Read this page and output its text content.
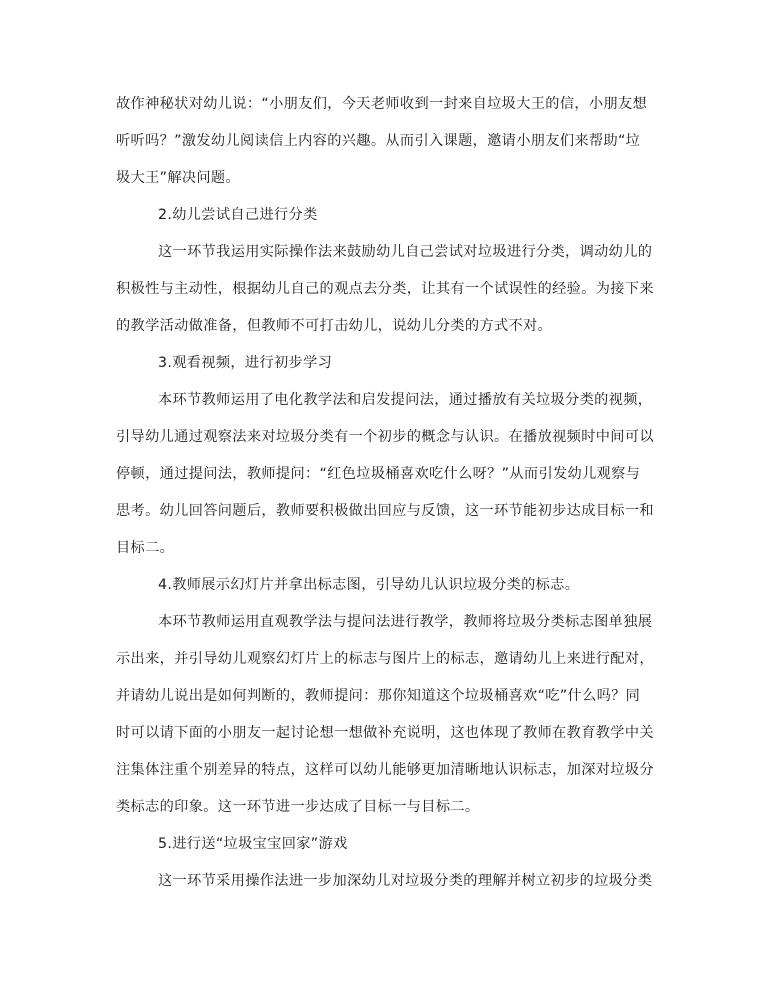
故作神秘状对幼儿说：“小朋友们，今天老师收到一封来自垃圾大王的信，小朋友想
听听吗？”激发幼儿阅读信上内容的兴趣。从而引入课题，邀请小朋友们来帮助“垃
圾大王”解决问题。
2.幼儿尝试自己进行分类
这一环节我运用实际操作法来鼓励幼儿自己尝试对垃圾进行分类，调动幼儿的
积极性与主动性，根据幼儿自己的观点去分类，让其有一个试误性的经验。为接下来
的教学活动做准备，但教师不可打击幼儿，说幼儿分类的方式不对。
3.观看视频，进行初步学习
本环节教师运用了电化教学法和启发提问法，通过播放有关垃圾分类的视频，
引导幼儿通过观察法来对垃圾分类有一个初步的概念与认识。在播放视频时中间可以
停顿，通过提问法，教师提问：“红色垃圾桶喜欢吃什么呀？”从而引发幼儿观察与
思考。幼儿回答问题后，教师要积极做出回应与反馈，这一环节能初步达成目标一和
目标二。
4.教师展示幻灯片并拿出标志图，引导幼儿认识垃圾分类的标志。
本环节教师运用直观教学法与提问法进行教学，教师将垃圾分类标志图单独展
示出来，并引导幼儿观察幻灯片上的标志与图片上的标志，邀请幼儿上来进行配对，
并请幼儿说出是如何判断的，教师提问：那你知道这个垃圾桶喜欢“吃”什么吗？同
时可以请下面的小朋友一起讨论想一想做补充说明，这也体现了教师在教育教学中关
注集体注重个别差异的特点，这样可以幼儿能够更加清晰地认识标志，加深对垃圾分
类标志的印象。这一环节进一步达成了目标一与目标二。
5.进行送“垃圾宝宝回家”游戏
这一环节采用操作法进一步加深幼儿对垃圾分类的理解并树立初步的垃圾分类
